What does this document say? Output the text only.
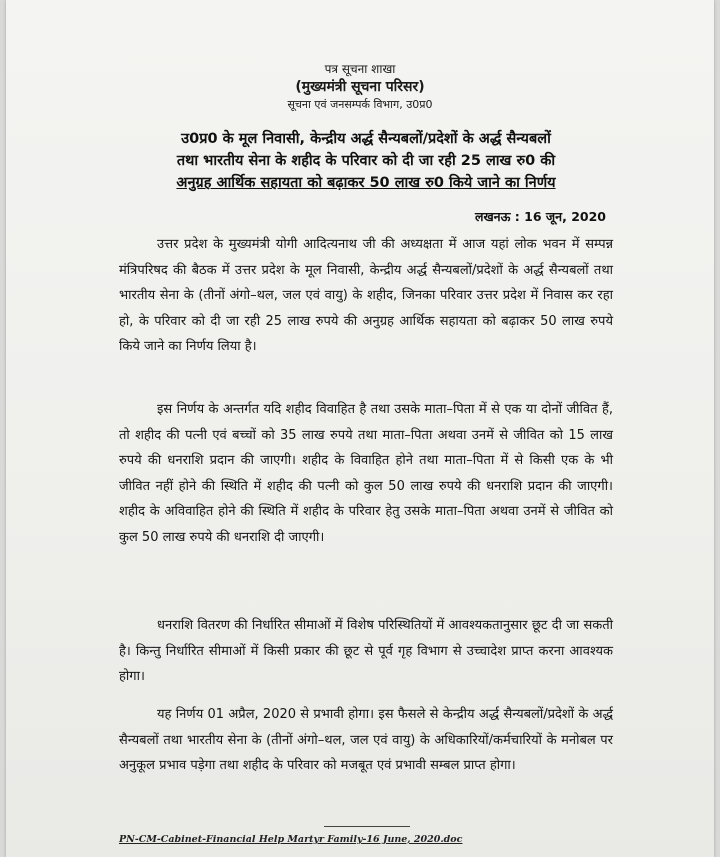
पत्र सूचना शाखा
(मुख्यमंत्री सूचना परिसर)
सूचना एवं जनसम्पर्क विभाग, उ0प्र0
उ0प्र0 के मूल निवासी, केन्द्रीय अर्द्ध सैन्यबलों/प्रदेशों के अर्द्ध सैन्यबलों
तथा भारतीय सेना के शहीद के परिवार को दी जा रही 25 लाख रु0 की
अनुग्रह आर्थिक सहायता को बढ़ाकर 50 लाख रु0 किये जाने का निर्णय
लखनऊ : 16 जून, 2020
उत्तर प्रदेश के मुख्यमंत्री योगी आदित्यनाथ जी की अध्यक्षता में आज यहां लोक भवन में सम्पन्न मंत्रिपरिषद की बैठक में उत्तर प्रदेश के मूल निवासी, केन्द्रीय अर्द्ध सैन्यबलों/प्रदेशों के अर्द्ध सैन्यबलों तथा भारतीय सेना के (तीनों अंगो–थल, जल एवं वायु) के शहीद, जिनका परिवार उत्तर प्रदेश में निवास कर रहा हो, के परिवार को दी जा रही 25 लाख रुपये की अनुग्रह आर्थिक सहायता को बढ़ाकर 50 लाख रुपये किये जाने का निर्णय लिया है।
इस निर्णय के अन्तर्गत यदि शहीद विवाहित है तथा उसके माता–पिता में से एक या दोनों जीवित हैं, तो शहीद की पत्नी एवं बच्चों को 35 लाख रुपये तथा माता–पिता अथवा उनमें से जीवित को 15 लाख रुपये की धनराशि प्रदान की जाएगी। शहीद के विवाहित होने तथा माता–पिता में से किसी एक के भी जीवित नहीं होने की स्थिति में शहीद की पत्नी को कुल 50 लाख रुपये की धनराशि प्रदान की जाएगी। शहीद के अविवाहित होने की स्थिति में शहीद के परिवार हेतु उसके माता–पिता अथवा उनमें से जीवित को कुल 50 लाख रुपये की धनराशि दी जाएगी।
धनराशि वितरण की निर्धारित सीमाओं में विशेष परिस्थितियों में आवश्यकतानुसार छूट दी जा सकती है। किन्तु निर्धारित सीमाओं में किसी प्रकार की छूट से पूर्व गृह विभाग से उच्चादेश प्राप्त करना आवश्यक होगा।
यह निर्णय 01 अप्रैल, 2020 से प्रभावी होगा। इस फैसले से केन्द्रीय अर्द्ध सैन्यबलों/प्रदेशों के अर्द्ध सैन्यबलों तथा भारतीय सेना के (तीनों अंगो–थल, जल एवं वायु) के अधिकारियों/कर्मचारियों के मनोबल पर अनुकूल प्रभाव पड़ेगा तथा शहीद के परिवार को मजबूत एवं प्रभावी सम्बल प्राप्त होगा।
PN-CM-Cabinet-Financial Help Martyr Family-16 June, 2020.doc
